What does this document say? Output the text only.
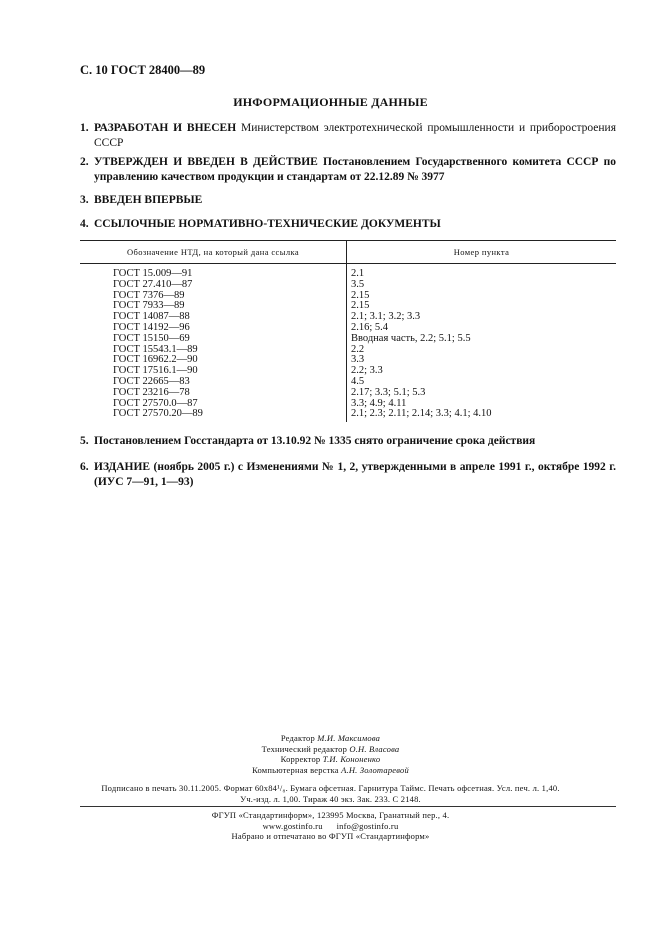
С. 10 ГОСТ 28400—89
ИНФОРМАЦИОННЫЕ ДАННЫЕ
1. РАЗРАБОТАН И ВНЕСЕН Министерством электротехнической промышленности и приборостроения СССР
2. УТВЕРЖДЕН И ВВЕДЕН В ДЕЙСТВИЕ Постановлением Государственного комитета СССР по управлению качеством продукции и стандартам от 22.12.89 № 3977
3. ВВЕДЕН ВПЕРВЫЕ
4. ССЫЛОЧНЫЕ НОРМАТИВНО-ТЕХНИЧЕСКИЕ ДОКУМЕНТЫ
Обозначение НТД, на который дана ссылка	Номер пункта
ГОСТ 15.009—91	2.1
ГОСТ 27.410—87	3.5
ГОСТ 7376—89	2.15
ГОСТ 7933—89	2.15
ГОСТ 14087—88	2.1; 3.1; 3.2; 3.3
ГОСТ 14192—96	2.16; 5.4
ГОСТ 15150—69	Вводная часть, 2.2; 5.1; 5.5
ГОСТ 15543.1—89	2.2
ГОСТ 16962.2—90	3.3
ГОСТ 17516.1—90	2.2; 3.3
ГОСТ 22665—83	4.5
ГОСТ 23216—78	2.17; 3.3; 5.1; 5.3
ГОСТ 27570.0—87	3.3; 4.9; 4.11
ГОСТ 27570.20—89	2.1; 2.3; 2.11; 2.14; 3.3; 4.1; 4.10
5. Постановлением Госстандарта от 13.10.92 № 1335 снято ограничение срока действия
6. ИЗДАНИЕ (ноябрь 2005 г.) с Изменениями № 1, 2, утвержденными в апреле 1991 г., октябре 1992 г. (ИУС 7—91, 1—93)
Редактор М.И. Максимова
Технический редактор О.Н. Власова
Корректор Т.И. Кононенко
Компьютерная верстка А.Н. Золотаревой
Подписано в печать 30.11.2005. Формат 60x84¹/₈. Бумага офсетная. Гарнитура Таймс. Печать офсетная. Усл. печ. л. 1,40.
Уч.-изд. л. 1,00. Тираж 40 экз. Зак. 233. С 2148.
ФГУП «Стандартинформ», 123995 Москва, Гранатный пер., 4.
www.gostinfo.ru info@gostinfo.ru
Набрано и отпечатано во ФГУП «Стандартинформ»
